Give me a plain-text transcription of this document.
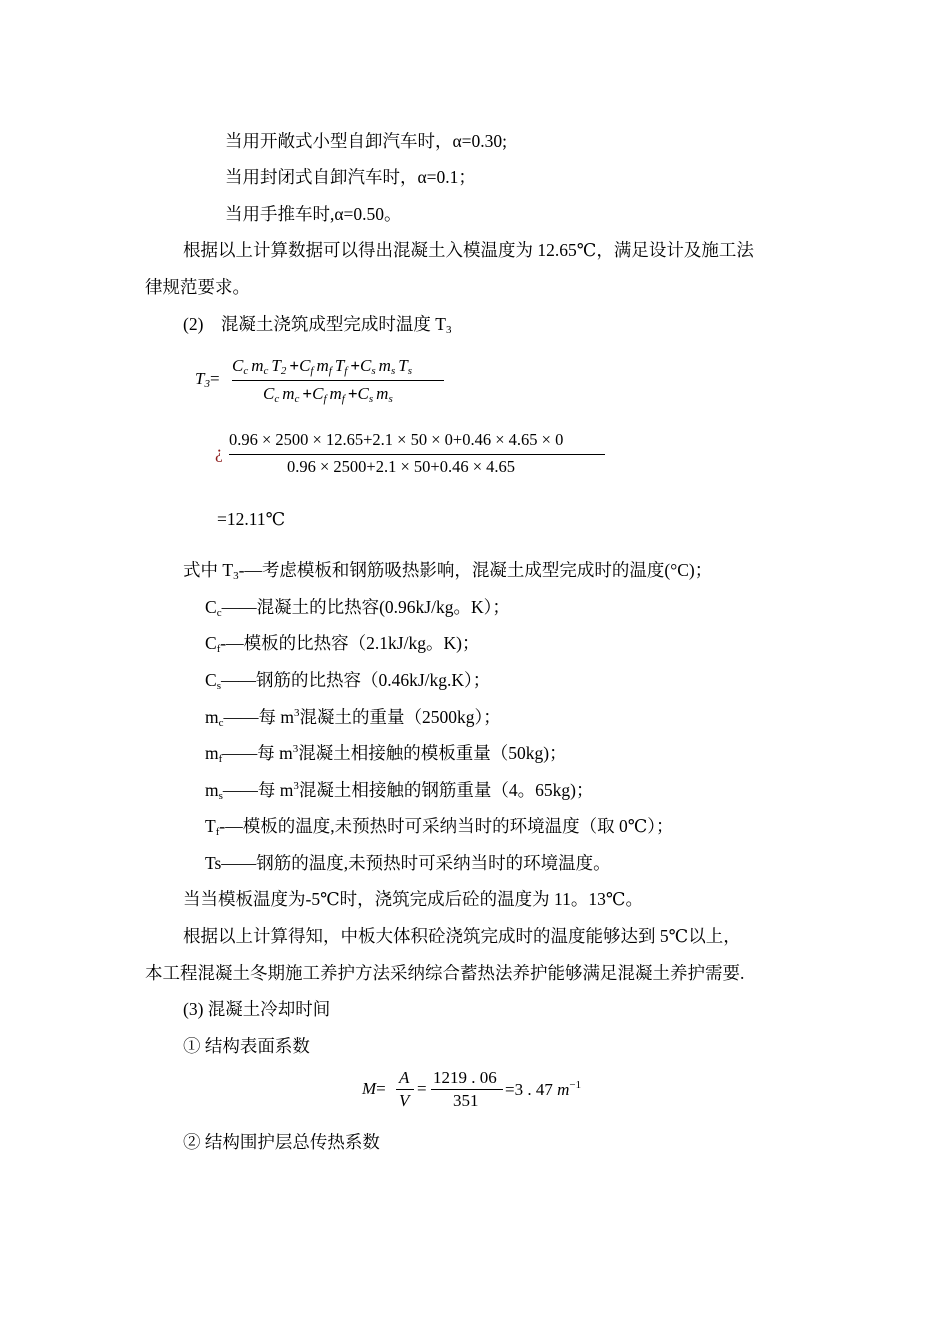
当用开敞式小型自卸汽车时，α=0.30;
当用封闭式自卸汽车时，α=0.1；
当用手推车时,α=0.50。
根据以上计算数据可以得出混凝土入模温度为 12.65℃，满足设计及施工法
律规范要求。
(2)　混凝土浇筑成型完成时温度 $T_3$
$T_3=$
$C_c$ $m_c$ $T_2 +C_f$ $m_f$ $T_f +C_s$ $m_s$ $T_s$
$C_c$ $m_c +C_f$ $m_f +C_s$ $m_s$
¿
0.96 × 2500 × 12.65+2.1 × 50 × 0+0.46 × 4.65 × 0
0.96 × 2500+2.1 × 50+0.46 × 4.65
=12.11℃
式中 $T_3-—$考虑模板和钢筋吸热影响，混凝土成型完成时的温度(°C)；
$C_c——$混凝土的比热容(0.96kJ/kg。K）；
$C_f-—$模板的比热容（2.1kJ/kg。K)；
$C_s——$钢筋的比热容（0.46kJ/kg.K）；
$m_c——$每 $m^3$混凝土的重量（2500kg）；
$m_f——$每 $m^3$混凝土相接触的模板重量（50kg)；
$m_s——$每 $m^3$混凝土相接触的钢筋重量（4。65kg)；
$T_f-—$模板的温度,未预热时可采纳当时的环境温度（取 0℃）；
Ts——钢筋的温度,未预热时可采纳当时的环境温度。
当当模板温度为-5℃时，浇筑完成后砼的温度为 11。13℃。
根据以上计算得知，中板大体积砼浇筑完成时的温度能够达到 5℃以上，
本工程混凝土冬期施工养护方法采纳综合蓄热法养护能够满足混凝土养护需要.
(3) 混凝土冷却时间
① 结构表面系数
M=
A
V
=
1219 . 06
351
=3 . 47 $m^{-1}$
② 结构围护层总传热系数
